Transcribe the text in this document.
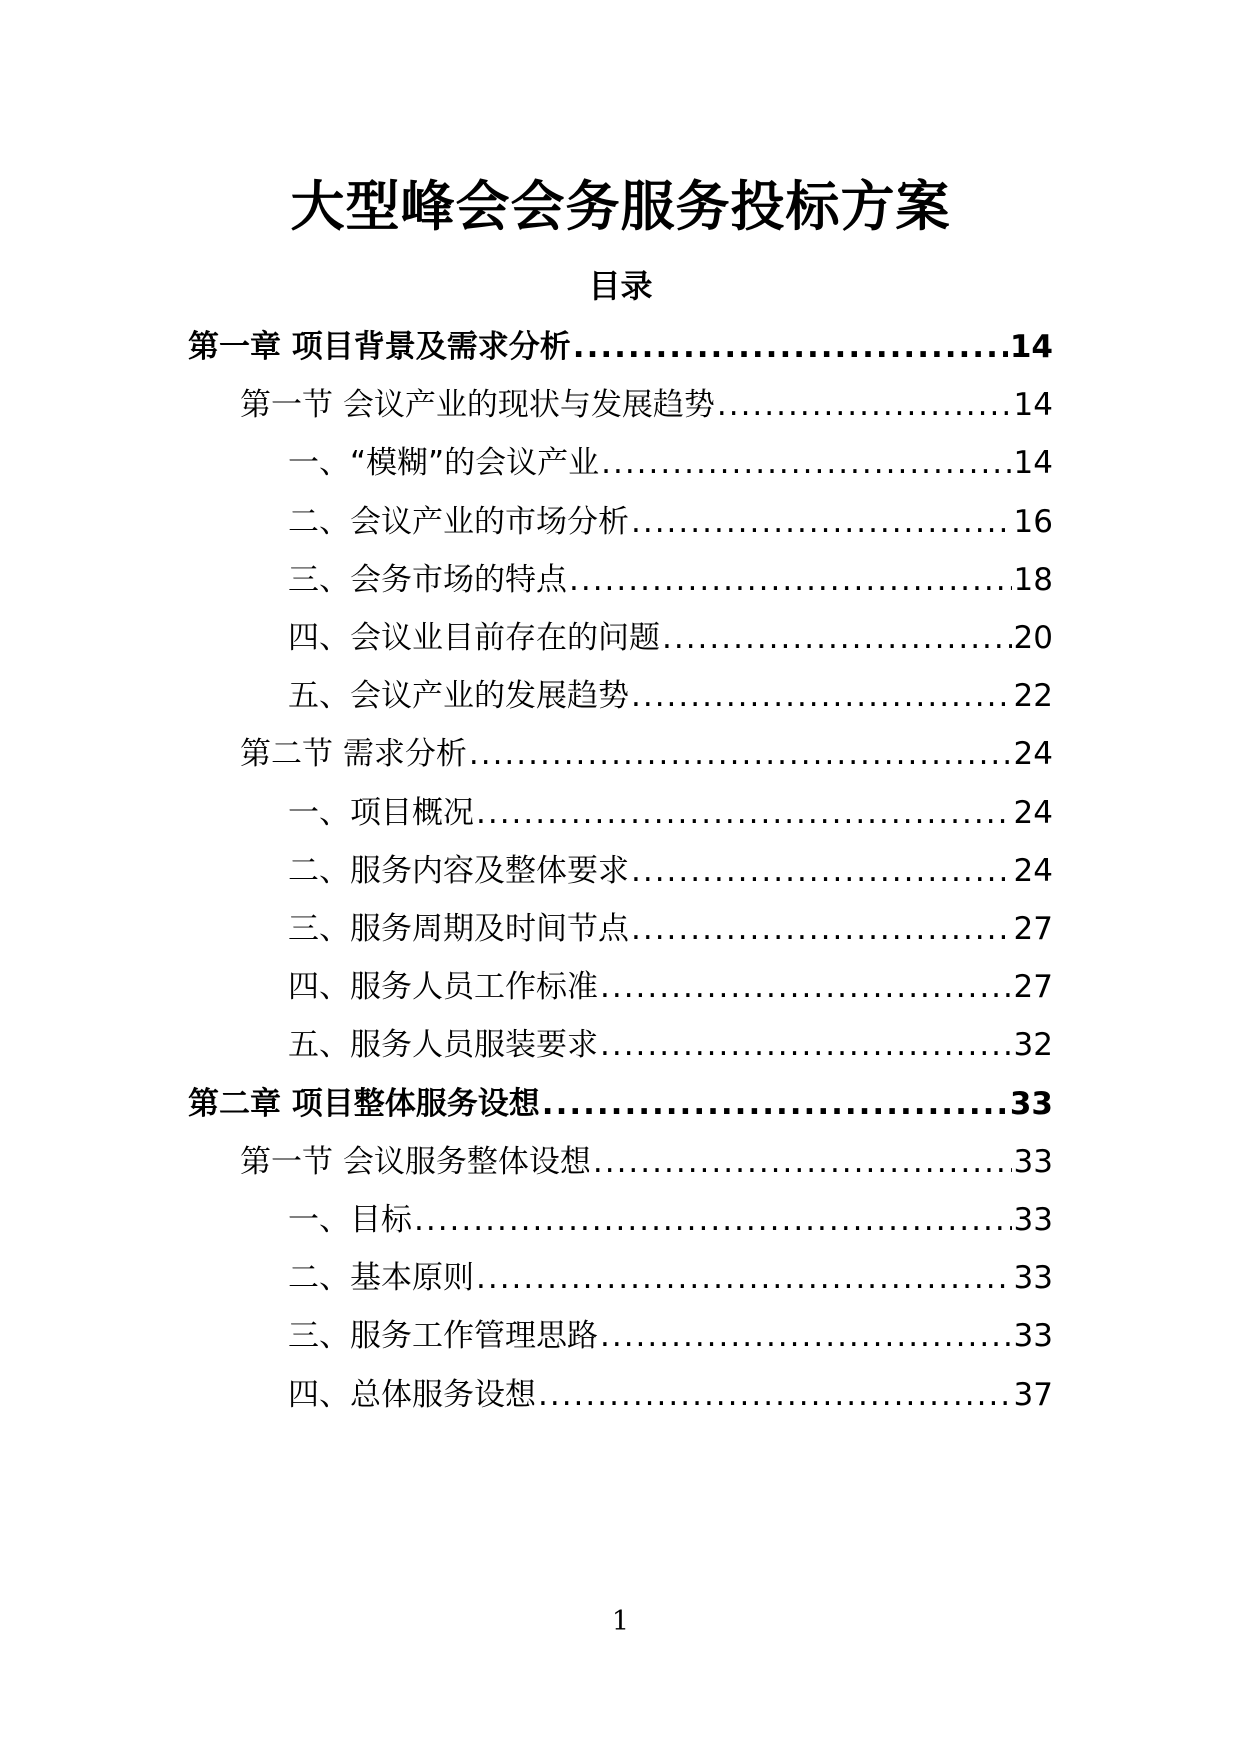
大型峰会会务服务投标方案
目录
第一章 项目背景及需求分析 .....	14
第一节 会议产业的现状与发展趋势 .....	14
一、“模糊”的会议产业 .....	14
二、会议产业的市场分析 .....	16
三、会务市场的特点 .....	18
四、会议业目前存在的问题 .....	20
五、会议产业的发展趋势 .....	22
第二节 需求分析 .....	24
一、项目概况 .....	24
二、服务内容及整体要求 .....	24
三、服务周期及时间节点 .....	27
四、服务人员工作标准 .....	27
五、服务人员服装要求 .....	32
第二章 项目整体服务设想 .....	33
第一节 会议服务整体设想 .....	33
一、目标 .....	33
二、基本原则 .....	33
三、服务工作管理思路 .....	33
四、总体服务设想 .....	37
1
